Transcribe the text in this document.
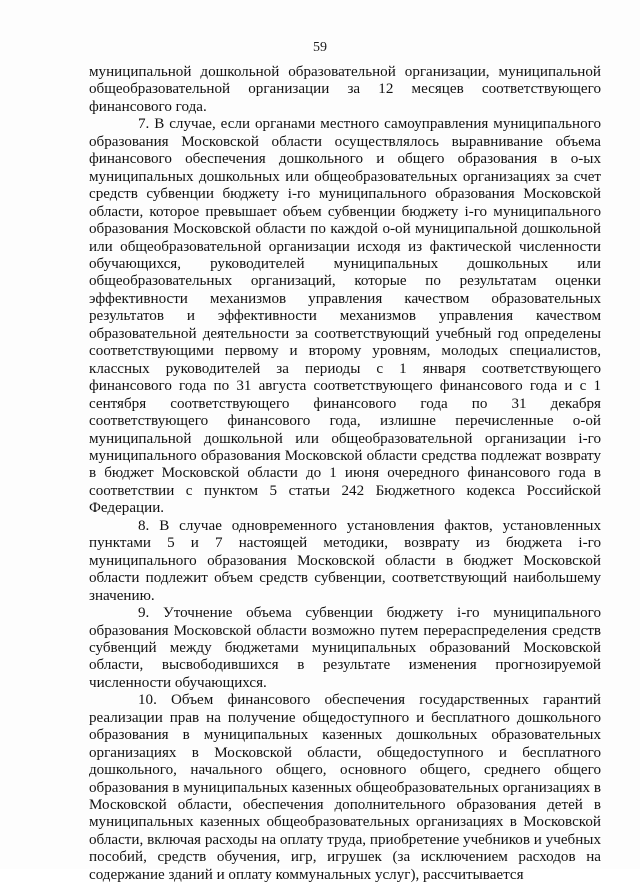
59

муниципальной дошкольной образовательной организации, муниципальной общеобразовательной организации за 12 месяцев соответствующего финансового года.

7. В случае, если органами местного самоуправления муниципального образования Московской области осуществлялось выравнивание объема финансового обеспечения дошкольного и общего образования в о-ых муниципальных дошкольных или общеобразовательных организациях за счет средств субвенции бюджету i-го муниципального образования Московской области, которое превышает объем субвенции бюджету i-го муниципального образования Московской области по каждой о-ой муниципальной дошкольной или общеобразовательной организации исходя из фактической численности обучающихся, руководителей муниципальных дошкольных или общеобразовательных организаций, которые по результатам оценки эффективности механизмов управления качеством образовательных результатов и эффективности механизмов управления качеством образовательной деятельности за соответствующий учебный год определены соответствующими первому и второму уровням, молодых специалистов, классных руководителей за периоды с 1 января соответствующего финансового года по 31 августа соответствующего финансового года и с 1 сентября соответствующего финансового года по 31 декабря соответствующего финансового года, излишне перечисленные о-ой муниципальной дошкольной или общеобразовательной организации i-го муниципального образования Московской области средства подлежат возврату в бюджет Московской области до 1 июня очередного финансового года в соответствии с пунктом 5 статьи 242 Бюджетного кодекса Российской Федерации.

8. В случае одновременного установления фактов, установленных пунктами 5 и 7 настоящей методики, возврату из бюджета i-го муниципального образования Московской области в бюджет Московской области подлежит объем средств субвенции, соответствующий наибольшему значению.

9. Уточнение объема субвенции бюджету i-го муниципального образования Московской области возможно путем перераспределения средств субвенций между бюджетами муниципальных образований Московской области, высвободившихся в результате изменения прогнозируемой численности обучающихся.

10. Объем финансового обеспечения государственных гарантий реализации прав на получение общедоступного и бесплатного дошкольного образования в муниципальных казенных дошкольных образовательных организациях в Московской области, общедоступного и бесплатного дошкольного, начального общего, основного общего, среднего общего образования в муниципальных казенных общеобразовательных организациях в Московской области, обеспечения дополнительного образования детей в муниципальных казенных общеобразовательных организациях в Московской области, включая расходы на оплату труда, приобретение учебников и учебных пособий, средств обучения, игр, игрушек (за исключением расходов на содержание зданий и оплату коммунальных услуг), рассчитывается
